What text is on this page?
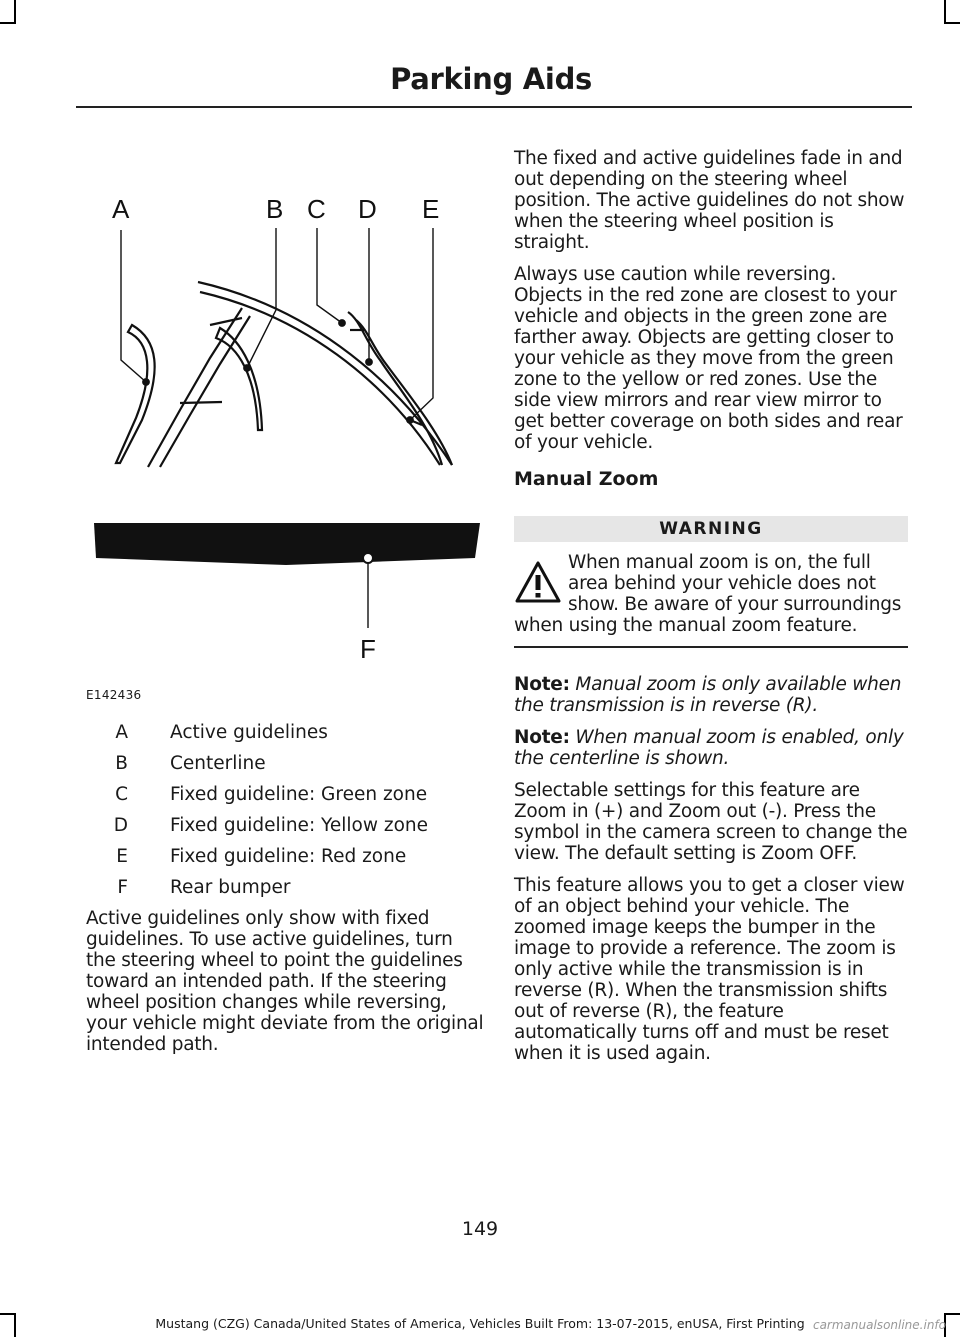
Parking Aids
A	B C D E
F
E142436
A	Active guidelines
B	Centerline
C	Fixed guideline: Green zone
D	Fixed guideline: Yellow zone
E	Fixed guideline: Red zone
F	Rear bumper

Active guidelines only show with fixed guidelines. To use active guidelines, turn the steering wheel to point the guidelines toward an intended path. If the steering wheel position changes while reversing, your vehicle might deviate from the original intended path.

The fixed and active guidelines fade in and out depending on the steering wheel position. The active guidelines do not show when the steering wheel position is straight.

Always use caution while reversing. Objects in the red zone are closest to your vehicle and objects in the green zone are farther away. Objects are getting closer to your vehicle as they move from the green zone to the yellow or red zones. Use the side view mirrors and rear view mirror to get better coverage on both sides and rear of your vehicle.

Manual Zoom
WARNING

When manual zoom is on, the full area behind your vehicle does not show. Be aware of your surroundings when using the manual zoom feature.

Note: Manual zoom is only available when the transmission is in reverse (R).

Note: When manual zoom is enabled, only the centerline is shown.

Selectable settings for this feature are Zoom in (+) and Zoom out (-). Press the symbol in the camera screen to change the view. The default setting is Zoom OFF.

This feature allows you to get a closer view of an object behind your vehicle. The zoomed image keeps the bumper in the image to provide a reference. The zoom is only active while the transmission is in reverse (R). When the transmission shifts out of reverse (R), the feature automatically turns off and must be reset when it is used again.

149
Mustang (CZG) Canada/United States of America, Vehicles Built From: 13-07-2015, enUSA, First Printing carmanualsonline.info
